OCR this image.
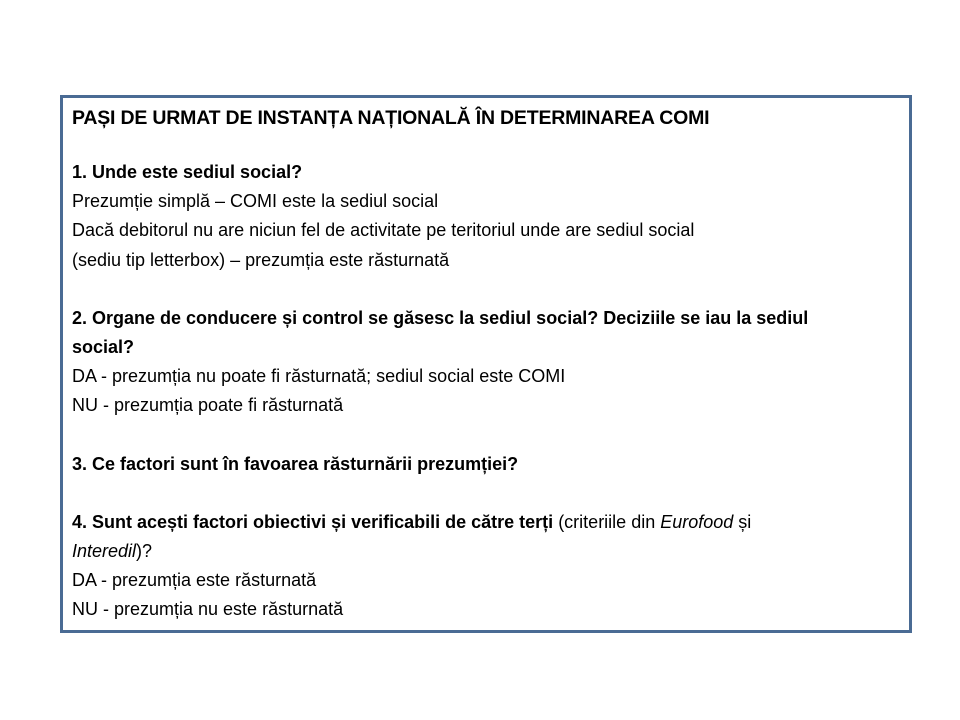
PAȘI DE URMAT DE INSTANȚA NAȚIONALĂ ÎN DETERMINAREA COMI

1. Unde este sediul social?

Prezumție simplă – COMI este la sediul social

Dacă debitorul nu are niciun fel de activitate pe teritoriul unde are sediul social

(sediu tip letterbox) – prezumția este răsturnată

2. Organe de conducere și control se găsesc la sediul social? Deciziile se iau la sediul

social?

DA - prezumția nu poate fi răsturnată; sediul social este COMI

NU - prezumția poate fi răsturnată

3. Ce factori sunt în favoarea răsturnării prezumției?

4. Sunt acești factori obiectivi și verificabili de către terți (criteriile din Eurofood și

Interedil)?

DA - prezumția este răsturnată

NU - prezumția nu este răsturnată
